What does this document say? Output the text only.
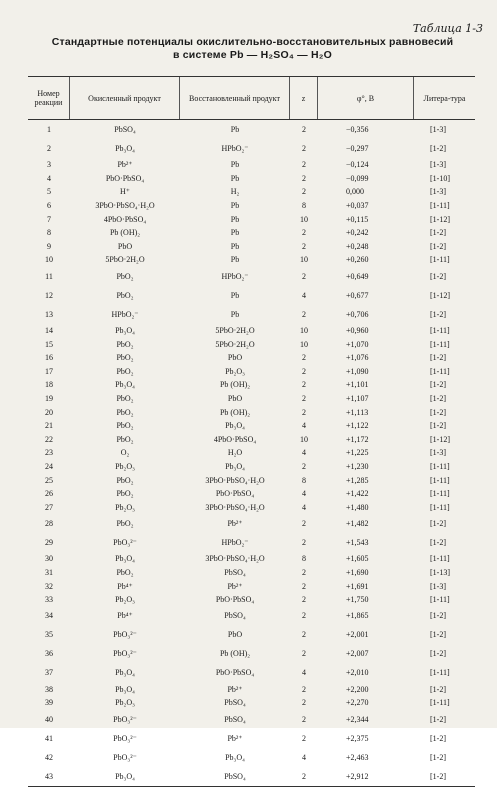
Таблица 1-3
Стандартные потенциалы окислительно-восстановительных равновесий
в системе Pb — H₂SO₄ — H₂O
Номер реакции	Окисленный продукт	Восстановленный продукт	z	φ°, В	Литера-тура
1	PbSO₄	Pb	2	−0,356	[1-3]
2	Pb₃O₄	HPbO₂⁻	2	−0,297	[1-2]
3	Pb²⁺	Pb	2	−0,124	[1-3]
4	PbO·PbSO₄	Pb	2	−0,099	[1-10]
5	H⁺	H₂	2	0,000	[1-3]
6	3PbO·PbSO₄·H₂O	Pb	8	+0,037	[1-11]
7	4PbO·PbSO₄	Pb	10	+0,115	[1-12]
8	Pb (OH)₂	Pb	2	+0,242	[1-2]
9	PbO	Pb	2	+0,248	[1-2]
10	5PbO·2H₂O	Pb	10	+0,260	[1-11]
11	PbO₂	HPbO₂⁻	2	+0,649	[1-2]
12	PbO₂	Pb	4	+0,677	[1-12]
13	HPbO₂⁻	Pb	2	+0,706	[1-2]
14	Pb₃O₄	5PbO·2H₂O	10	+0,960	[1-11]
15	PbO₂	5PbO·2H₂O	10	+1,070	[1-11]
16	PbO₂	PbO	2	+1,076	[1-2]
17	PbO₂	Pb₂O₃	2	+1,090	[1-11]
18	Pb₃O₄	Pb (OH)₂	2	+1,101	[1-2]
19	PbO₂	PbO	2	+1,107	[1-2]
20	PbO₂	Pb (OH)₂	2	+1,113	[1-2]
21	PbO₂	Pb₃O₄	4	+1,122	[1-2]
22	PbO₂	4PbO·PbSO₄	10	+1,172	[1-12]
23	O₂	H₂O	4	+1,225	[1-3]
24	Pb₂O₃	Pb₃O₄	2	+1,230	[1-11]
25	PbO₂	3PbO·PbSO₄·H₂O	8	+1,285	[1-11]
26	PbO₂	PbO·PbSO₄	4	+1,422	[1-11]
27	Pb₂O₃	3PbO·PbSO₄·H₂O	4	+1,480	[1-11]
28	PbO₂	Pb²⁺	2	+1,482	[1-2]
29	PbO₃²⁻	HPbO₂⁻	2	+1,543	[1-2]
30	Pb₃O₄	3PbO·PbSO₄·H₂O	8	+1,605	[1-11]
31	PbO₂	PbSO₄	2	+1,690	[1-13]
32	Pb⁴⁺	Pb²⁺	2	+1,691	[1-3]
33	Pb₂O₃	PbO·PbSO₄	2	+1,750	[1-11]
34	Pb⁴⁺	PbSO₄	2	+1,865	[1-2]
35	PbO₃²⁻	PbO	2	+2,001	[1-2]
36	PbO₃²⁻	Pb (OH)₂	2	+2,007	[1-2]
37	Pb₃O₄	PbO·PbSO₄	4	+2,010	[1-11]
38	Pb₃O₄	Pb²⁺	2	+2,200	[1-2]
39	Pb₂O₃	PbSO₄	2	+2,270	[1-11]
40	PbO₃²⁻	PbSO₄	2	+2,344	[1-2]
41	PbO₃²⁻	Pb²⁺	2	+2,375	[1-2]
42	PbO₃²⁻	Pb₃O₄	4	+2,463	[1-2]
43	Pb₃O₄	PbSO₄	2	+2,912	[1-2]
